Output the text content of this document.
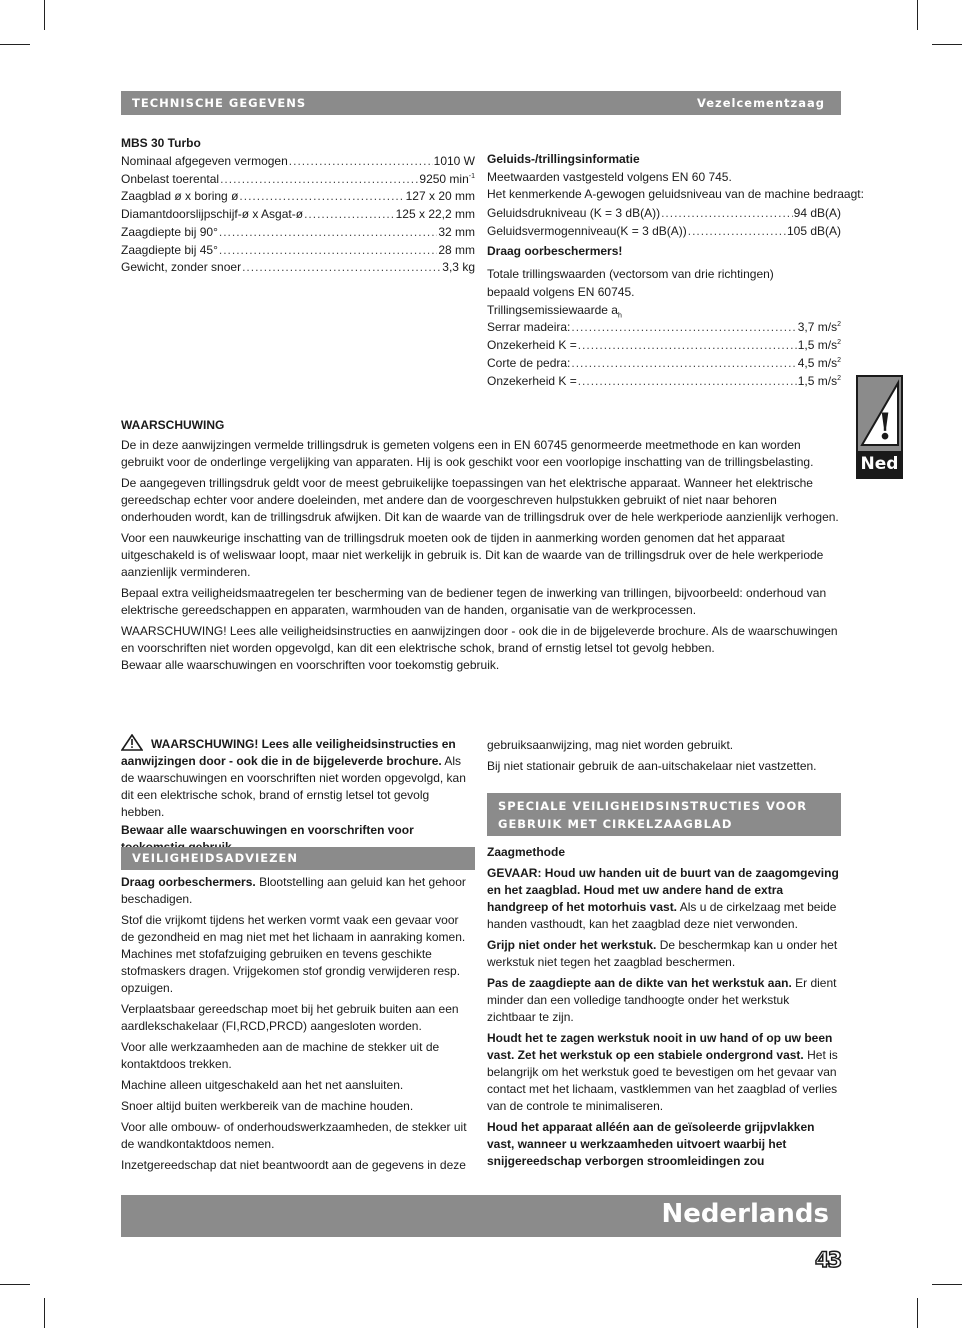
TECHNISCHE GEGEVENS	Vezelcementzaag
MBS 30 Turbo
Nominaal afgegeven vermogen .....	1010 W
Onbelast toerental .....	9250 $\min^{-1}$
Zaagblad ø x boring ø .....	127 x 20 mm
Diamantdoorslijpschijf-ø x Asgat-ø .....	125 x 22,2 mm
Zaagdiepte bij 90° .....	32 mm
Zaagdiepte bij 45° .....	28 mm
Gewicht, zonder snoer .....	3,3 kg
Geluids-/trillingsinformatie
Meetwaarden vastgesteld volgens EN 60 745.
Het kenmerkende A-gewogen geluidsniveau van de machine bedraagt:
Geluidsdrukniveau (K = 3 dB(A)) .....	94 dB(A)
Geluidsvermogenniveau(K = 3 dB(A)) .....	105 dB(A)
Draag oorbeschermers!
Totale trillingswaarden (vectorsom van drie richtingen)
bepaald volgens EN 60745.
Trillingsemissiewaarde $a_h$
Serrar madeira: .....	3,7 $m/s^2$
Onzekerheid K = .....	1,5 $m/s^2$
Corte de pedra: .....	4,5 $m/s^2$
Onzekerheid K = .....	1,5 $m/s^2$
!
Ned

WAARSCHUWING

De in deze aanwijzingen vermelde trillingsdruk is gemeten volgens een in EN 60745 genormeerde meetmethode en kan worden gebruikt voor de onderlinge vergelijking van apparaten. Hij is ook geschikt voor een voorlopige inschatting van de trillingsbelasting.

De aangegeven trillingsdruk geldt voor de meest gebruikelijke toepassingen van het elektrische apparaat. Wanneer het elektrische gereedschap echter voor andere doeleinden, met andere dan de voorgeschreven hulpstukken gebruikt of niet naar behoren onderhouden wordt, kan de trillingsdruk afwijken. Dit kan de waarde van de trillingsdruk over de hele werkperiode aanzienlijk verhogen.

Voor een nauwkeurige inschatting van de trillingsdruk moeten ook de tijden in aanmerking worden genomen dat het apparaat uitgeschakeld is of weliswaar loopt, maar niet werkelijk in gebruik is. Dit kan de waarde van de trillingsdruk over de hele werkperiode aanzienlijk verminderen.

Bepaal extra veiligheidsmaatregelen ter bescherming van de bediener tegen de inwerking van trillingen, bijvoorbeeld: onderhoud van elektrische gereedschappen en apparaten, warmhouden van de handen, organisatie van de werkprocessen.

WAARSCHUWING! Lees alle veiligheidsinstructies en aanwijzingen door - ook die in de bijgeleverde brochure. Als de waarschuwingen en voorschriften niet worden opgevolgd, kan dit een elektrische schok, brand of ernstig letsel tot gevolg hebben.

Bewaar alle waarschuwingen en voorschriften voor toekomstig gebruik.

WAARSCHUWING! Lees alle veiligheidsinstructies en aanwijzingen door - ook die in de bijgeleverde brochure. Als de waarschuwingen en voorschriften niet worden opgevolgd, kan dit een elektrische schok, brand of ernstig letsel tot gevolg hebben.

Bewaar alle waarschuwingen en voorschriften voor

VEILIGHEIDSADVIEZEN

Draag oorbeschermers. Blootstelling aan geluid kan het gehoor beschadigen.

Stof die vrijkomt tijdens het werken vormt vaak een gevaar voor de gezondheid en mag niet met het lichaam in aanraking komen. Machines met stofafzuiging gebruiken en tevens geschikte stofmaskers dragen. Vrijgekomen stof grondig verwijderen resp. opzuigen.

Verplaatsbaar gereedschap moet bij het gebruik buiten aan een aardlekschakelaar (FI,RCD,PRCD) aangesloten worden.

Voor alle werkzaamheden aan de machine de stekker uit de kontaktdoos trekken.

Machine alleen uitgeschakeld aan het net aansluiten.

Snoer altijd buiten werkbereik van de machine houden.

Voor alle ombouw- of onderhoudswerkzaamheden, de stekker uit de wandkontaktdoos nemen.

Inzetgereedschap dat niet beantwoordt aan de gegevens in deze

gebruiksaanwijzing, mag niet worden gebruikt.

Bij niet stationair gebruik de aan-uitschakelaar niet vastzetten.

SPECIALE VEILIGHEIDSINSTRUCTIES VOOR GEBRUIK MET CIRKELZAAGBLAD

Zaagmethode

GEVAAR: Houd uw handen uit de buurt van de zaagomgeving en het zaagblad. Houd met uw andere hand de extra handgreep of het motorhuis vast. Als u de cirkelzaag met beide handen vasthoudt, kan het zaagblad deze niet verwonden.

Grijp niet onder het werkstuk. De beschermkap kan u onder het werkstuk niet tegen het zaagblad beschermen.

Pas de zaagdiepte aan de dikte van het werkstuk aan. Er dient minder dan een volledige tandhoogte onder het werkstuk zichtbaar te zijn.

Houdt het te zagen werkstuk nooit in uw hand of op uw been vast. Zet het werkstuk op een stabiele ondergrond vast. Het is belangrijk om het werkstuk goed te bevestigen om het gevaar van contact met het lichaam, vastklemmen van het zaagblad of verlies van de controle te minimaliseren.

Houd het apparaat alléén aan de geïsoleerde grijpvlakken vast, wanneer u werkzaamheden uitvoert waarbij het snijgereedschap verborgen stroomleidingen zou

Nederlands
43
